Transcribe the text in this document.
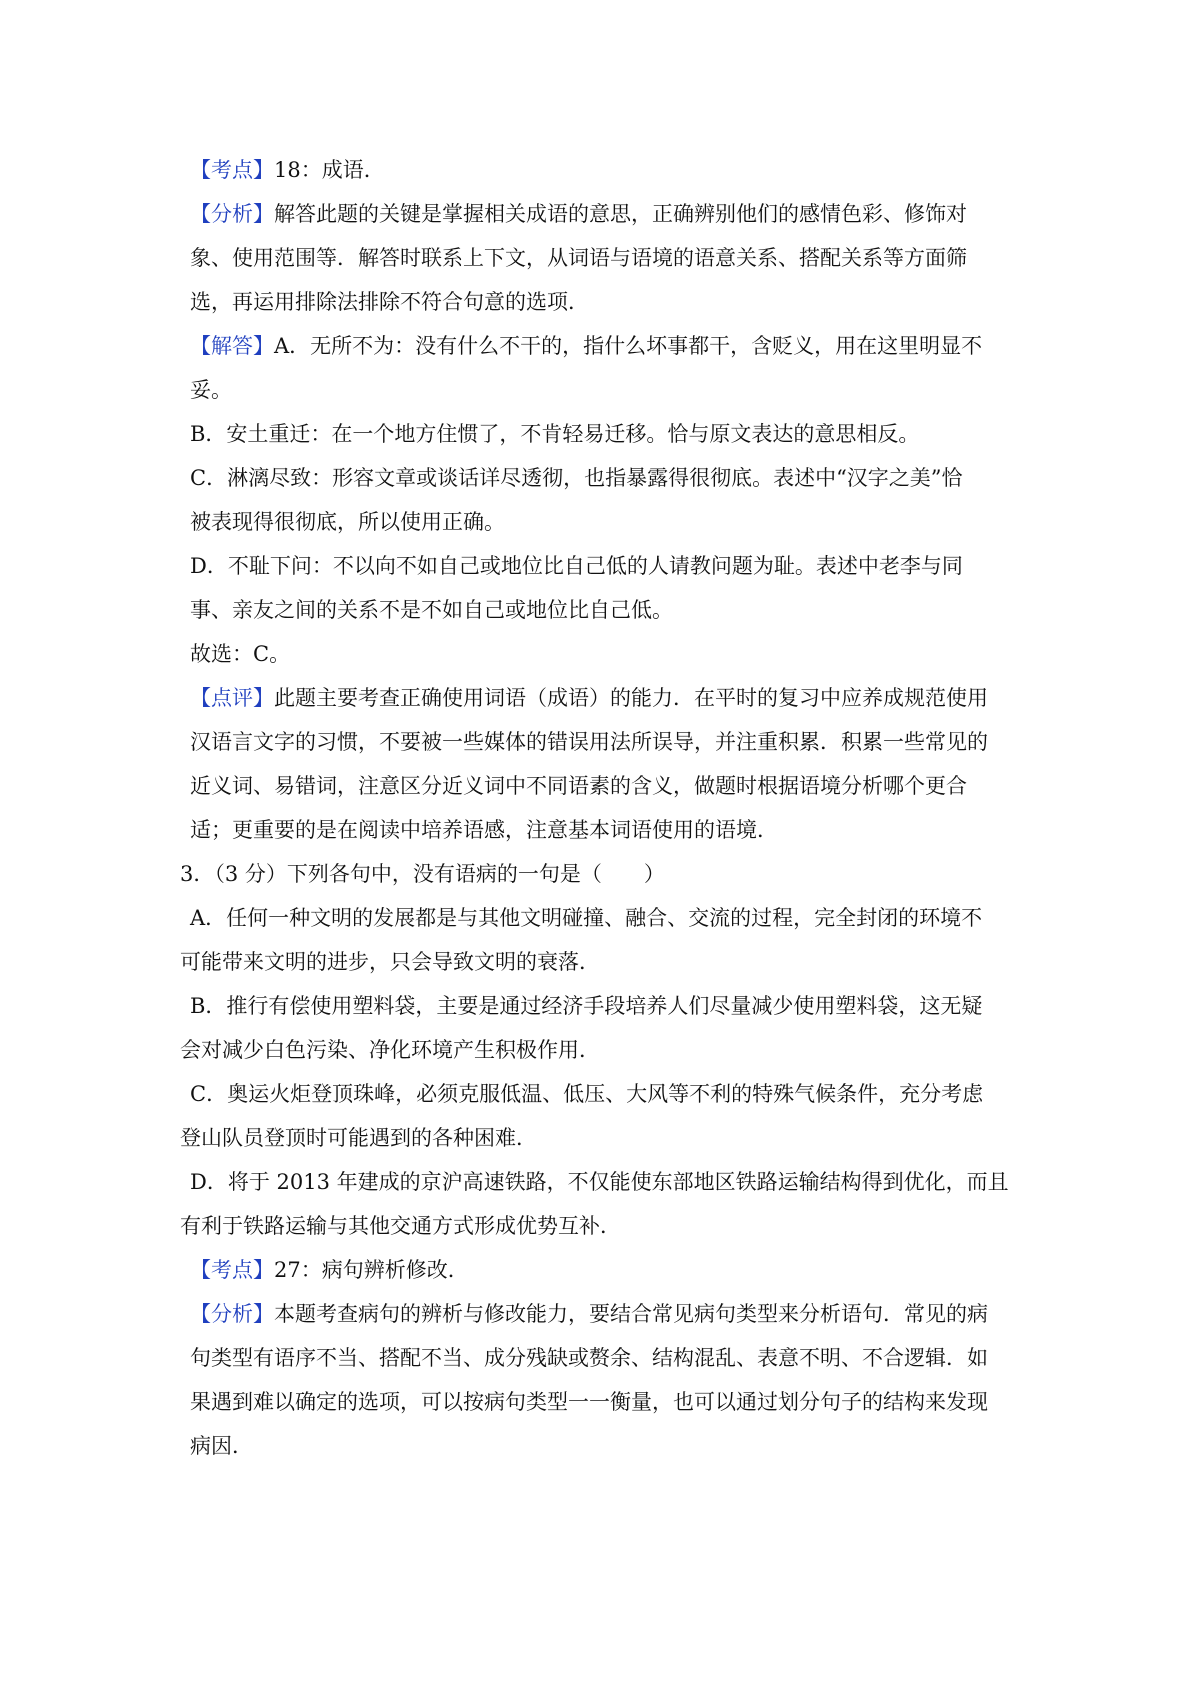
【考点】18：成语．

【分析】解答此题的关键是掌握相关成语的意思，正确辨别他们的感情色彩、修饰对

象、使用范围等．解答时联系上下文，从词语与语境的语意关系、搭配关系等方面筛

选，再运用排除法排除不符合句意的选项．

【解答】A．无所不为：没有什么不干的，指什么坏事都干，含贬义，用在这里明显不

妥。

B．安土重迁：在一个地方住惯了，不肯轻易迁移。恰与原文表达的意思相反。

C．淋漓尽致：形容文章或谈话详尽透彻，也指暴露得很彻底。表述中“汉字之美”恰

被表现得很彻底，所以使用正确。

D．不耻下问：不以向不如自己或地位比自己低的人请教问题为耻。表述中老李与同

事、亲友之间的关系不是不如自己或地位比自己低。

故选：C。

【点评】此题主要考查正确使用词语（成语）的能力．在平时的复习中应养成规范使用

汉语言文字的习惯，不要被一些媒体的错误用法所误导，并注重积累．积累一些常见的

近义词、易错词，注意区分近义词中不同语素的含义，做题时根据语境分析哪个更合

适；更重要的是在阅读中培养语感，注意基本词语使用的语境．

3．（3 分）下列各句中，没有语病的一句是（　　）

A．任何一种文明的发展都是与其他文明碰撞、融合、交流的过程，完全封闭的环境不

可能带来文明的进步，只会导致文明的衰落．

B．推行有偿使用塑料袋，主要是通过经济手段培养人们尽量减少使用塑料袋，这无疑

会对减少白色污染、净化环境产生积极作用．

C．奥运火炬登顶珠峰，必须克服低温、低压、大风等不利的特殊气候条件，充分考虑

登山队员登顶时可能遇到的各种困难．

D．将于 2013 年建成的京沪高速铁路，不仅能使东部地区铁路运输结构得到优化，而且

有利于铁路运输与其他交通方式形成优势互补．

【考点】27：病句辨析修改．

【分析】本题考查病句的辨析与修改能力，要结合常见病句类型来分析语句．常见的病

句类型有语序不当、搭配不当、成分残缺或赘余、结构混乱、表意不明、不合逻辑．如

果遇到难以确定的选项，可以按病句类型一一衡量，也可以通过划分句子的结构来发现

病因．
